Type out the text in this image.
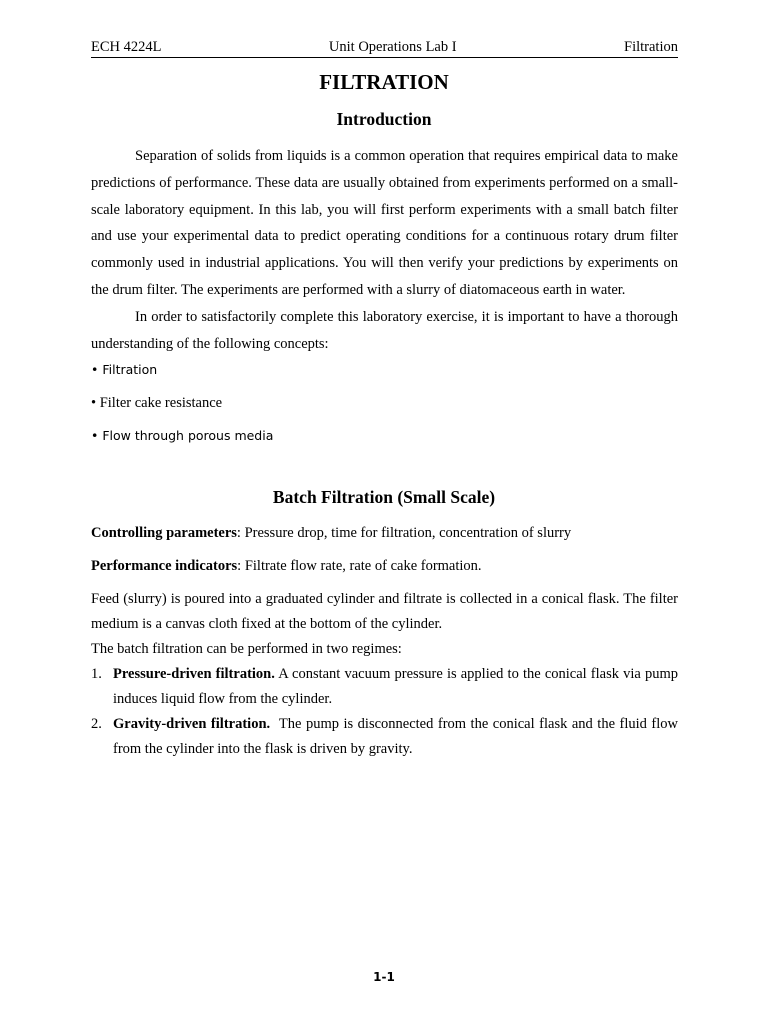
ECH 4224L	Unit Operations Lab I	Filtration
FILTRATION
Introduction

Separation of solids from liquids is a common operation that requires empirical data to make predictions of performance. These data are usually obtained from experiments performed on a small-scale laboratory equipment. In this lab, you will first perform experiments with a small batch filter and use your experimental data to predict operating conditions for a continuous rotary drum filter commonly used in industrial applications. You will then verify your predictions by experiments on the drum filter. The experiments are performed with a slurry of diatomaceous earth in water.

In order to satisfactorily complete this laboratory exercise, it is important to have a thorough understanding of the following concepts:

• Filtration

• Filter cake resistance

• Flow through porous media

Batch Filtration (Small Scale)

Controlling parameters: Pressure drop, time for filtration, concentration of slurry

Performance indicators: Filtrate flow rate, rate of cake formation.

Feed (slurry) is poured into a graduated cylinder and filtrate is collected in a conical flask. The filter medium is a canvas cloth fixed at the bottom of the cylinder.

The batch filtration can be performed in two regimes:

1. Pressure-driven filtration. A constant vacuum pressure is applied to the conical flask via pump induces liquid flow from the cylinder.
2. Gravity-driven filtration.  The pump is disconnected from the conical flask and the fluid flow from the cylinder into the flask is driven by gravity.
1-1
